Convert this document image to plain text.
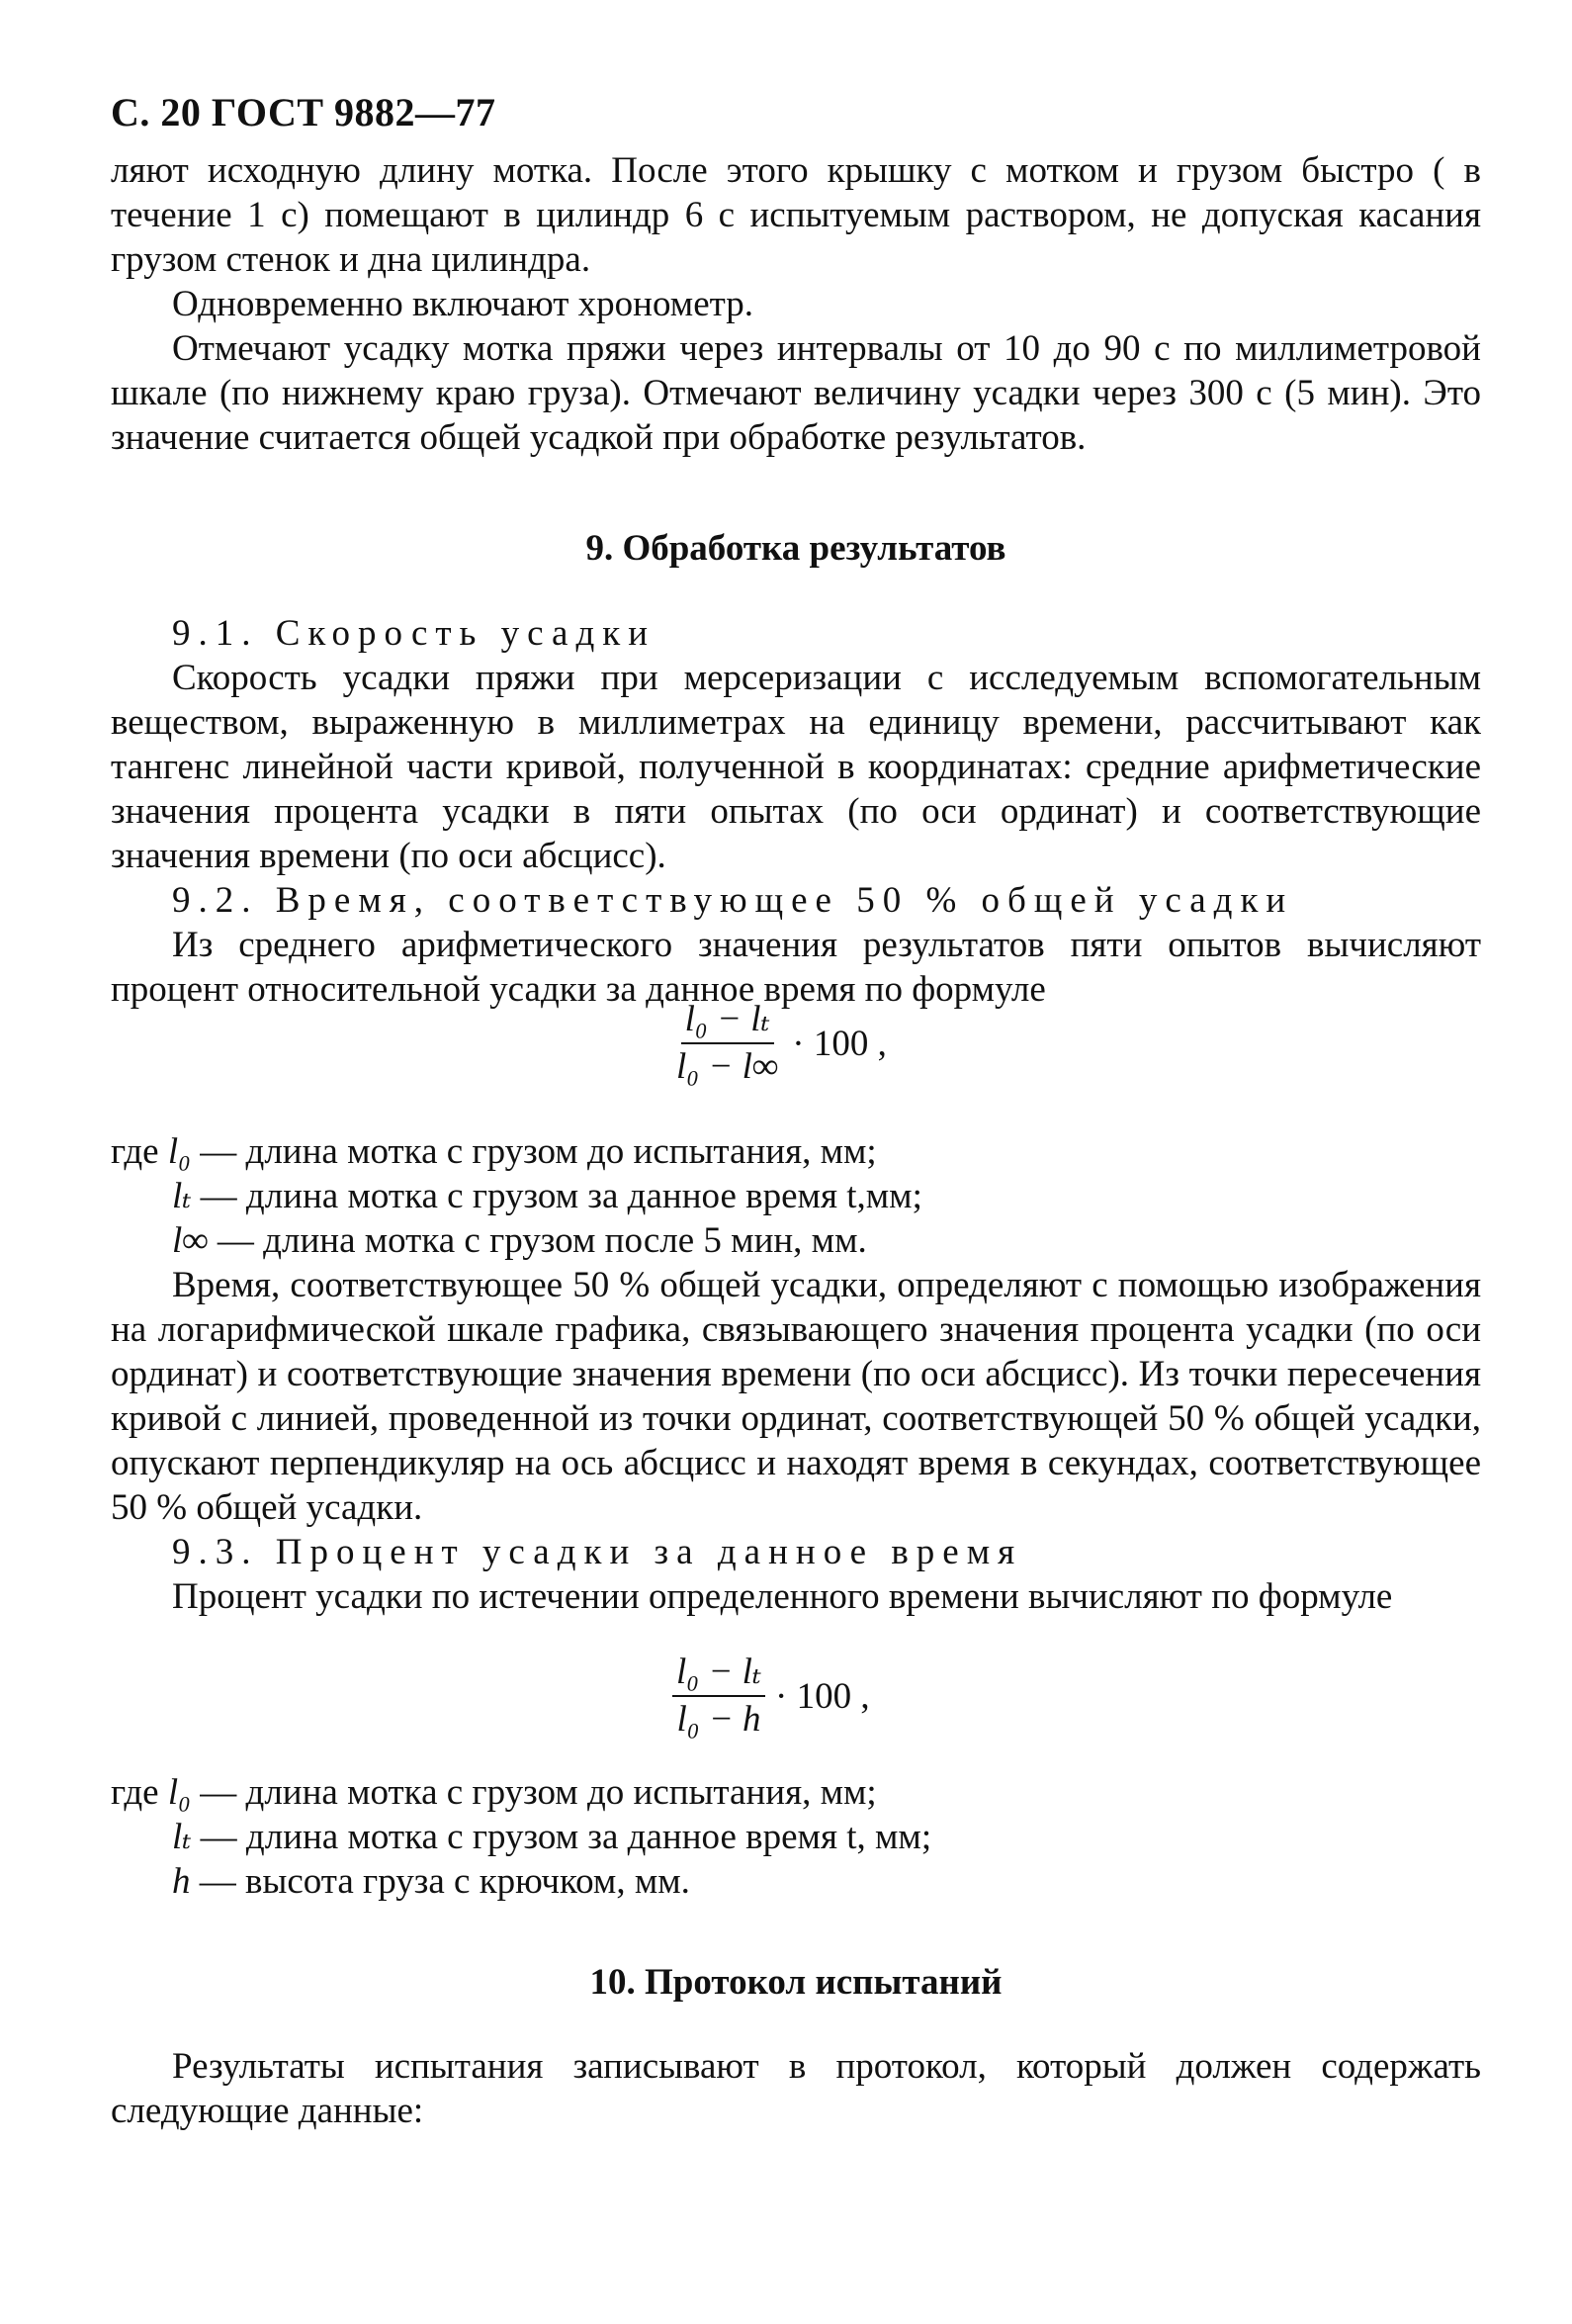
С. 20 ГОСТ 9882—77

ляют исходную длину мотка. После этого крышку с мотком и грузом быстро ( в течение 1 с) помещают в цилиндр 6 с испытуемым раствором, не допуская касания грузом стенок и дна цилиндра.

Одновременно включают хронометр.

Отмечают усадку мотка пряжи через интервалы от 10 до 90 с по миллиметровой шкале (по нижнему краю груза). Отмечают величину усадки через 300 с (5 мин). Это значение считается общей усадкой при обработке результатов.

9. Обработка результатов

9.1. Скорость усадки

Скорость усадки пряжи при мерсеризации с исследуемым вспомогательным веществом, выраженную в миллиметрах на единицу времени, рассчитывают как тангенс линейной части кривой, полученной в координатах: средние арифметические значения процента усадки в пяти опытах (по оси ординат) и соответствующие значения времени (по оси абсцисс).

9.2. Время, соответствующее 50 % общей усадки

Из среднего арифметического значения результатов пяти опытов вычисляют процент относительной усадки за данное время по формуле

$\frac{\text{l₀ − lₜ}}{\text{l₀ − l∞}} \cdot 100$ ,

где l₀ — длина мотка с грузом до испытания, мм;

lₜ — длина мотка с грузом за данное время t,мм;

l∞ — длина мотка с грузом после 5 мин, мм.

Время, соответствующее 50 % общей усадки, определяют с помощью изображения на логарифмической шкале графика, связывающего значения процента усадки (по оси ординат) и соответствующие значения времени (по оси абсцисс). Из точки пересечения кривой с линией, проведенной из точки ординат, соответствующей 50 % общей усадки, опускают перпендикуляр на ось абсцисс и находят время в секундах, соответствующее 50 % общей усадки.

9.3. Процент усадки за данное время

Процент усадки по истечении определенного времени вычисляют по формуле

$\frac{\text{l₀ − lₜ}}{\text{l₀ − h}} \cdot 100$ ,

где l₀ — длина мотка с грузом до испытания, мм;

lₜ — длина мотка с грузом за данное время t, мм;

h — высота груза с крючком, мм.

10. Протокол испытаний

Результаты испытания записывают в протокол, который должен содержать следующие данные:
